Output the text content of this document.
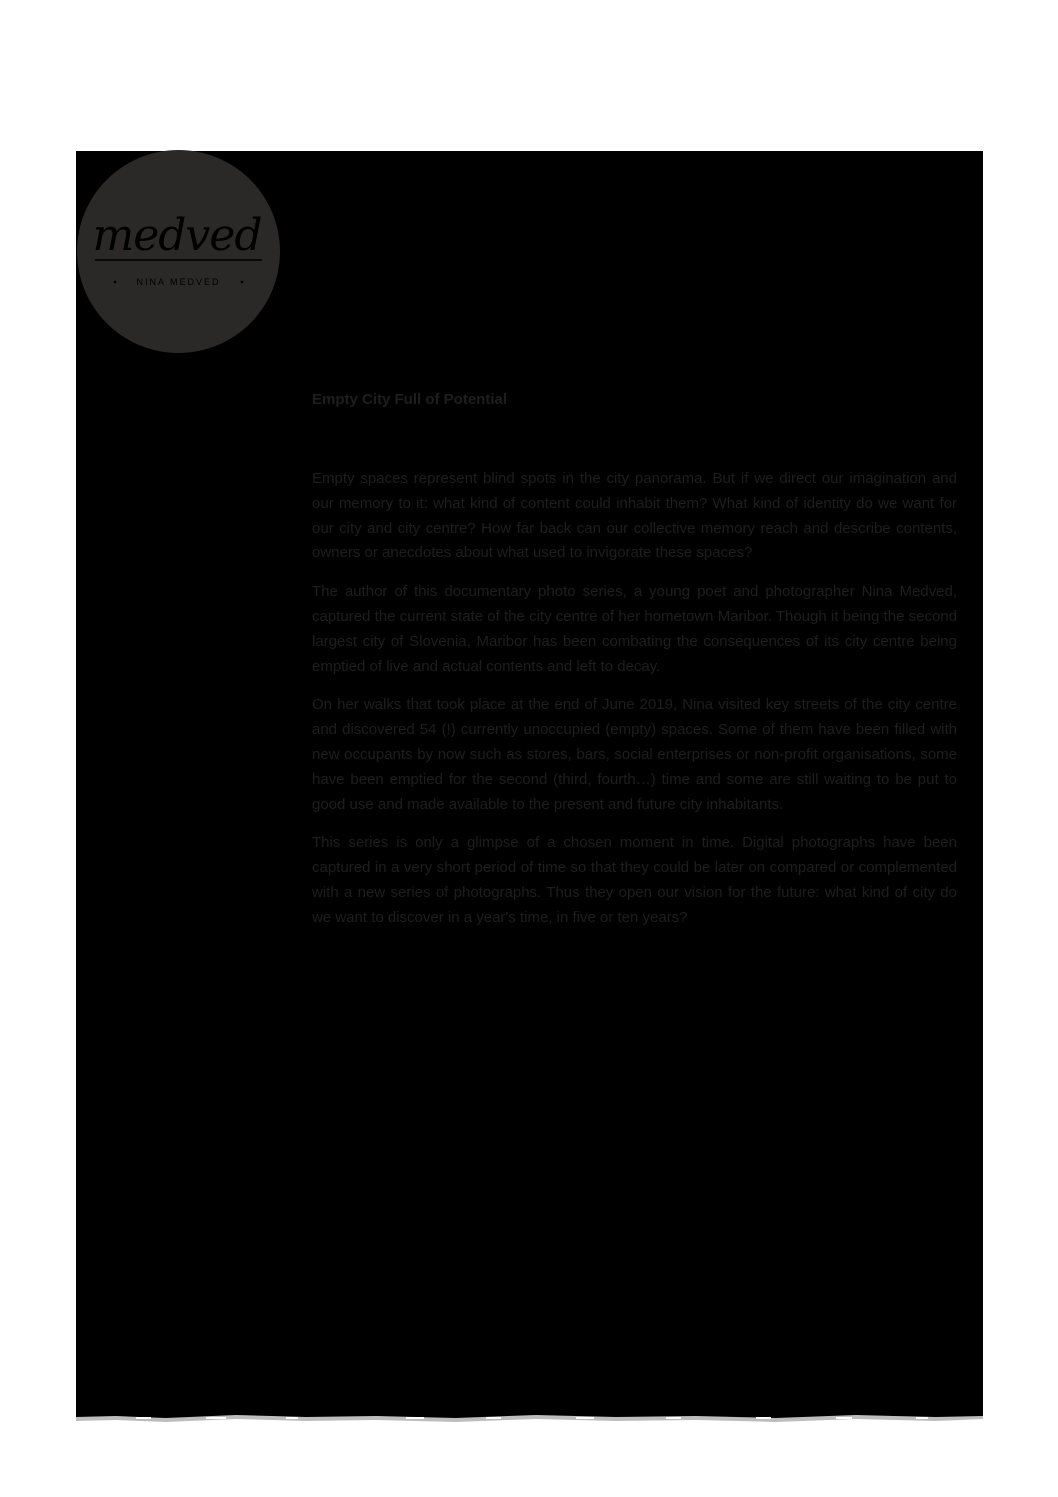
medved
NINA MEDVED
Empty City Full of Potential

Empty spaces represent blind spots in the city panorama. But if we direct our imagination and our memory to it: what kind of content could inhabit them? What kind of identity do we want for our city and city centre? How far back can our collective memory reach and describe contents, owners or anecdotes about what used to invigorate these spaces?

The author of this documentary photo series, a young poet and photographer Nina Medved, captured the current state of the city centre of her hometown Maribor. Though it being the second largest city of Slovenia, Maribor has been combating the consequences of its city centre being emptied of live and actual contents and left to decay.

On her walks that took place at the end of June 2019, Nina visited key streets of the city centre and discovered 54 (!) currently unoccupied (empty) spaces. Some of them have been filled with new occupants by now such as stores, bars, social enterprises or non-profit organisations, some have been emptied for the second (third, fourth…) time and some are still waiting to be put to good use and made available to the present and future city inhabitants.

This series is only a glimpse of a chosen moment in time. Digital photographs have been captured in a very short period of time so that they could be later on compared or complemented with a new series of photographs. Thus they open our vision for the future: what kind of city do we want to discover in a year's time, in five or ten years?
